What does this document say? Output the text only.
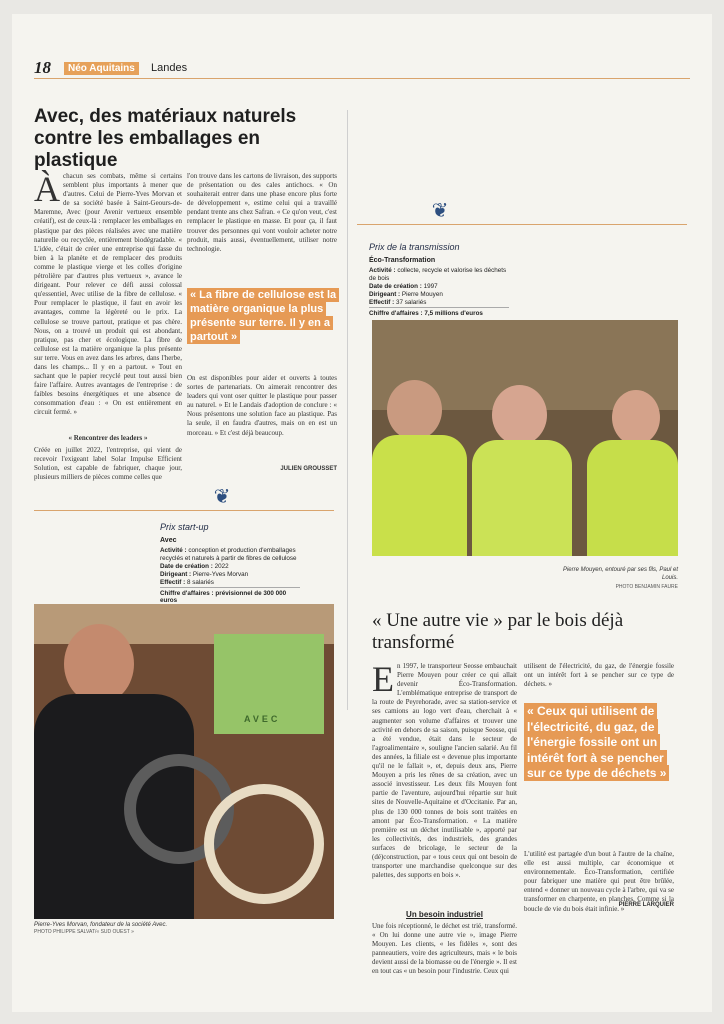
18	Néo Aquitains	Landes
Avec, des matériaux naturels contre les emballages en plastique
Àchacun ses combats, même si certains semblent plus importants à mener que d'autres. Celui de Pierre-Yves Morvan et de sa société basée à Saint-Geours-de-Maremne, Avec (pour Avenir vertueux ensemble créatif), est de ceux-là : remplacer les emballages en plastique par des pièces réalisées avec une matière naturelle ou recyclée, entièrement biodégradable. « L'idée, c'était de créer une entreprise qui fasse du bien à la planète et de remplacer des produits comme le plastique vierge et les colles d'origine pétrolière par d'autres plus vertueux », avance le dirigeant. Pour relever ce défi aussi colossal qu'essentiel, Avec utilise de la fibre de cellulose. « Pour remplacer le plastique, il faut en avoir les avantages, comme la légèreté ou le prix. La cellulose se trouve partout, pratique et pas chère. Nous, on a trouvé un produit qui est abondant, pratique, pas cher et écologique. La fibre de cellulose est la matière organique la plus présente sur terre. Vous en avez dans les arbres, dans l'herbe, dans les champs... Il y en a partout. » Tout en sachant que le papier recyclé peut tout aussi bien faire l'affaire. Autres avantages de l'entreprise : de faibles besoins énergétiques et une absence de consommation d'eau : « On est entièrement en circuit fermé. »
« Rencontrer des leaders »
Créée en juillet 2022, l'entreprise, qui vient de recevoir l'exigeant label Solar Impulse Efficient Solution, est capable de fabriquer, chaque jour, plusieurs milliers de pièces comme celles que
l'on trouve dans les cartons de livraison, des supports de présentation ou des cales antichocs. « On souhaiterait entrer dans une phase encore plus forte de développement », estime celui qui a travaillé pendant trente ans chez Safran. « Ce qu'on veut, c'est remplacer le plastique en masse. Et pour ça, il faut trouver des personnes qui vont vouloir acheter notre produit, mais aussi, éventuellement, utiliser notre technologie.
« La fibre de cellulose est la matière organique la plus présente sur terre. Il y en a partout »
On est disponibles pour aider et ouverts à toutes sortes de partenariats. On aimerait rencontrer des leaders qui vont oser quitter le plastique pour passer au naturel. » Et le Landais d'adoption de conclure : « Nous présentons une solution face au plastique. Pas la seule, il en faudra d'autres, mais on en est un morceau. » Et c'est déjà beaucoup.
JULIEN GROUSSET
❦
Prix start-up
Avec
Activité : conception et production d'emballages recyclés et naturels à partir de fibres de cellulose
Date de création : 2022
Dirigeant : Pierre-Yves Morvan
Effectif : 8 salariés
Chiffre d'affaires : prévisionnel de 300 000 euros
AVEC
Pierre-Yves Morvan, fondateur de la société Avec.
PHOTO PHILIPPE SALVAT/« SUD OUEST »
❦
Prix de la transmission
Éco-Transformation
Activité : collecte, recycle et valorise les déchets de bois
Date de création : 1997
Dirigeant : Pierre Mouyen
Effectif : 37 salariés
Chiffre d'affaires : 7,5 millions d'euros
Pierre Mouyen, entouré par ses fils, Paul et Louis.
PHOTO BENJAMIN FAURE
« Une autre vie » par le bois déjà transformé
En 1997, le transporteur Seosse embauchait Pierre Mouyen pour créer ce qui allait devenir Éco-Transformation. L'emblématique entreprise de transport de la route de Peyrehorade, avec sa station-service et ses camions au logo vert d'eau, cherchait à « augmenter son volume d'affaires et trouver une activité en dehors de sa saison, puisque Seosse, qui a été vendue, était dans le secteur de l'agroalimentaire », souligne l'ancien salarié. Au fil des années, la filiale est « devenue plus importante qu'il ne le fallait », et, depuis deux ans, Pierre Mouyen a pris les rênes de sa création, avec un associé investisseur. Les deux fils Mouyen font partie de l'aventure, aujourd'hui répartie sur huit sites de Nouvelle-Aquitaine et d'Occitanie. Par an, plus de 130 000 tonnes de bois sont traitées en amont par Éco-Transformation. « La matière première est un déchet inutilisable », apporté par les collectivités, des industriels, des grandes surfaces de bricolage, le secteur de la (dé)construction, par « tous ceux qui ont besoin de transporter une marchandise quelconque sur des palettes, des supports en bois ».
Un besoin industriel
Une fois réceptionné, le déchet est trié, transformé. « On lui donne une autre vie », image Pierre Mouyen. Les clients, « les fidèles », sont des panneautiers, voire des agriculteurs, mais « le bois devient aussi de la biomasse ou de l'énergie ». Il est en tout cas « un besoin pour l'industrie. Ceux qui
utilisent de l'électricité, du gaz, de l'énergie fossile ont un intérêt fort à se pencher sur ce type de déchets. »
« Ceux qui utilisent de l'électricité, du gaz, de l'énergie fossile ont un intérêt fort à se pencher sur ce type de déchets »
L'utilité est partagée d'un bout à l'autre de la chaîne, elle est aussi multiple, car économique et environnementale. Éco-Transformation, certifiée pour fabriquer une matière qui peut être brûlée, entend « donner un nouveau cycle à l'arbre, qui va se transformer en charpente, en planches. Comme si la boucle de vie du bois était infinie. »
PIERRE LARQUIER
